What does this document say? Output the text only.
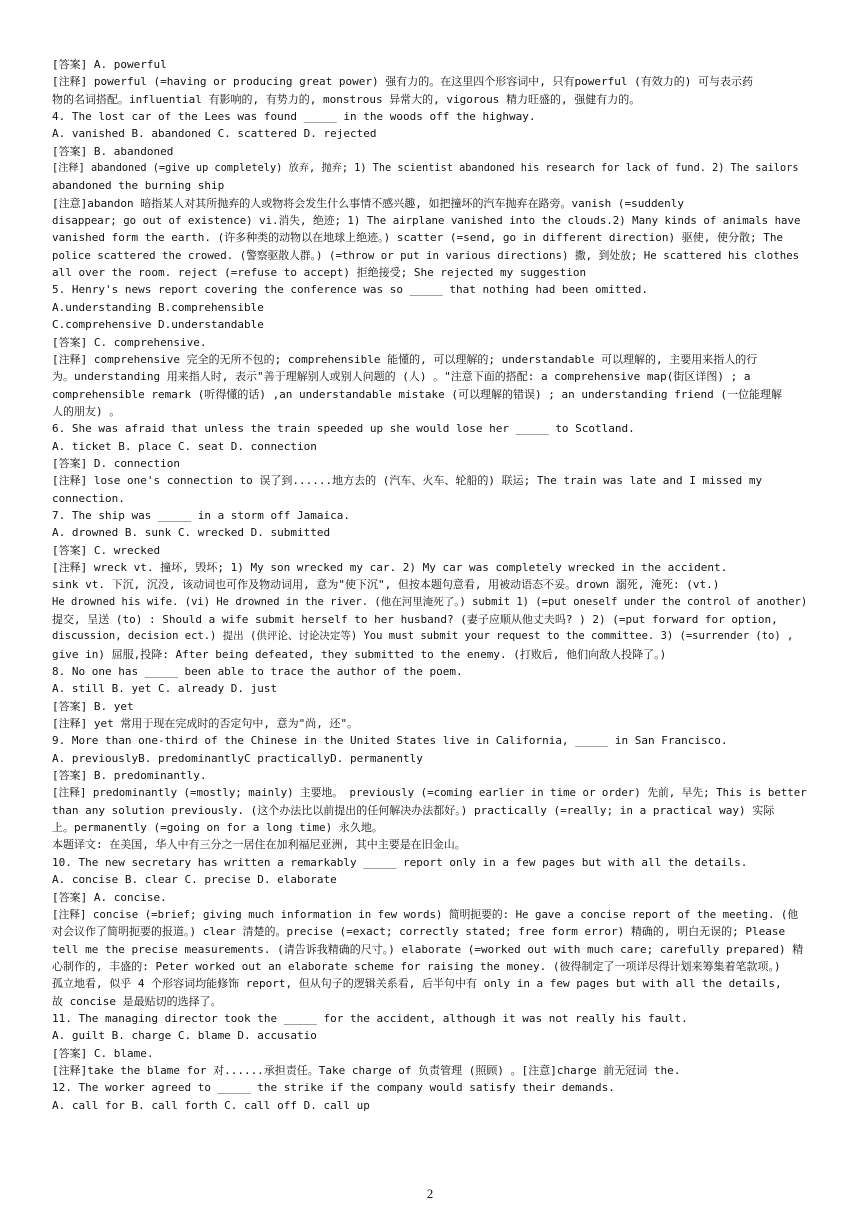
[答案] A. powerful
[注释] powerful (=having or producing great power) 强有力的。在这里四个形容词中, 只有powerful (有效力的) 可与表示药
物的名词搭配。influential 有影响的, 有势力的, monstrous 异常大的, vigorous 精力旺盛的, 强健有力的。
4. The lost car of the Lees was found _____ in the woods off the highway.
A. vanished B. abandoned C. scattered D. rejected
[答案] B. abandoned
[注释] abandoned (=give up completely) 放弃, 抛弃; 1) The scientist abandoned his research for lack of fund. 2) The sailors
abandoned the burning ship
[注意]abandon 暗指某人对其所抛弃的人或物将会发生什么事情不感兴趣, 如把撞坏的汽车抛弃在路旁。vanish (=suddenly
disappear; go out of existence) vi.消失, 绝迹; 1) The airplane vanished into the clouds.2) Many kinds of animals have
vanished form the earth. (许多种类的动物以在地球上绝迹。) scatter (=send, go in different direction) 驱使, 使分散; The
police scattered the crowed. (警察驱散人群。) (=throw or put in various directions) 撒, 到处放; He scattered his clothes
all over the room. reject (=refuse to accept) 拒绝接受; She rejected my suggestion
5. Henry's news report covering the conference was so _____ that nothing had been omitted.
A.understanding B.comprehensible
C.comprehensive D.understandable
[答案] C. comprehensive.
[注释] comprehensive 完全的无所不包的; comprehensible 能懂的, 可以理解的; understandable 可以理解的, 主要用来指人的行
为。understanding 用来指人时, 表示"善于理解别人或别人问题的 (人) 。"注意下面的搭配: a comprehensive map(街区详图) ; a
comprehensible remark (听得懂的话) ,an understandable mistake (可以理解的错误) ; an understanding friend (一位能理解
人的朋友) 。
6. She was afraid that unless the train speeded up she would lose her _____ to Scotland.
A. ticket B. place C. seat D. connection
[答案] D. connection
[注释] lose one's connection to 误了到......地方去的 (汽车、火车、轮船的) 联运; The train was late and I missed my
connection.
7. The ship was _____ in a storm off Jamaica.
A. drowned B. sunk C. wrecked D. submitted
[答案] C. wrecked
[注释] wreck vt. 撞坏, 毁坏; 1) My son wrecked my car. 2) My car was completely wrecked in the accident.
sink vt. 下沉, 沉没, 该动词也可作及物动词用, 意为"使下沉", 但按本题句意看, 用被动语态不妥。drown 溺死, 淹死: (vt.)
He drowned his wife. (vi) He drowned in the river. (他在河里淹死了。) submit 1) (=put oneself under the control of another)
提交, 呈送 (to) : Should a wife submit herself to her husband? (妻子应顺从他丈夫吗? ) 2) (=put forward for option,
discussion, decision ect.) 提出 (供评论、讨论决定等) You must submit your request to the committee. 3) (=surrender (to) ,
give in) 屈服,投降: After being defeated, they submitted to the enemy. (打败后, 他们向敌人投降了。)
8. No one has _____ been able to trace the author of the poem.
A. still B. yet C. already D. just
[答案] B. yet
[注释] yet 常用于现在完成时的否定句中, 意为"尚, 还"。
9. More than one-third of the Chinese in the United States live in California, _____ in San Francisco.
A. previouslyB. predominantlyC practicallyD. permanently
[答案] B. predominantly.
[注释] predominantly (=mostly; mainly) 主要地。 previously (=coming earlier in time or order) 先前, 早先; This is better
than any solution previously. (这个办法比以前提出的任何解决办法都好。) practically (=really; in a practical way) 实际
上。permanently (=going on for a long time) 永久地。
本题译文: 在美国, 华人中有三分之一居住在加利福尼亚洲, 其中主要是在旧金山。
10. The new secretary has written a remarkably _____ report only in a few pages but with all the details.
A. concise B. clear C. precise D. elaborate
[答案] A. concise.
[注释] concise (=brief; giving much information in few words) 简明扼要的: He gave a concise report of the meeting. (他
对会议作了简明扼要的报道。) clear 清楚的。precise (=exact; correctly stated; free form error) 精确的, 明白无误的; Please
tell me the precise measurements. (请告诉我精确的尺寸。) elaborate (=worked out with much care; carefully prepared) 精
心制作的, 丰盛的: Peter worked out an elaborate scheme for raising the money. (彼得制定了一项详尽得计划来筹集着笔款项。)
孤立地看, 似乎 4 个形容词均能修饰 report, 但从句子的逻辑关系看, 后半句中有 only in a few pages but with all the details,
故 concise 是最贴切的选择了。
11. The managing director took the _____ for the accident, although it was not really his fault.
A. guilt B. charge C. blame D. accusatio
[答案] C. blame.
[注释]take the blame for 对......承担责任。Take charge of 负责管理 (照顾) 。[注意]charge 前无冠词 the.
12. The worker agreed to _____ the strike if the company would satisfy their demands.
A. call for B. call forth C. call off D. call up
2
